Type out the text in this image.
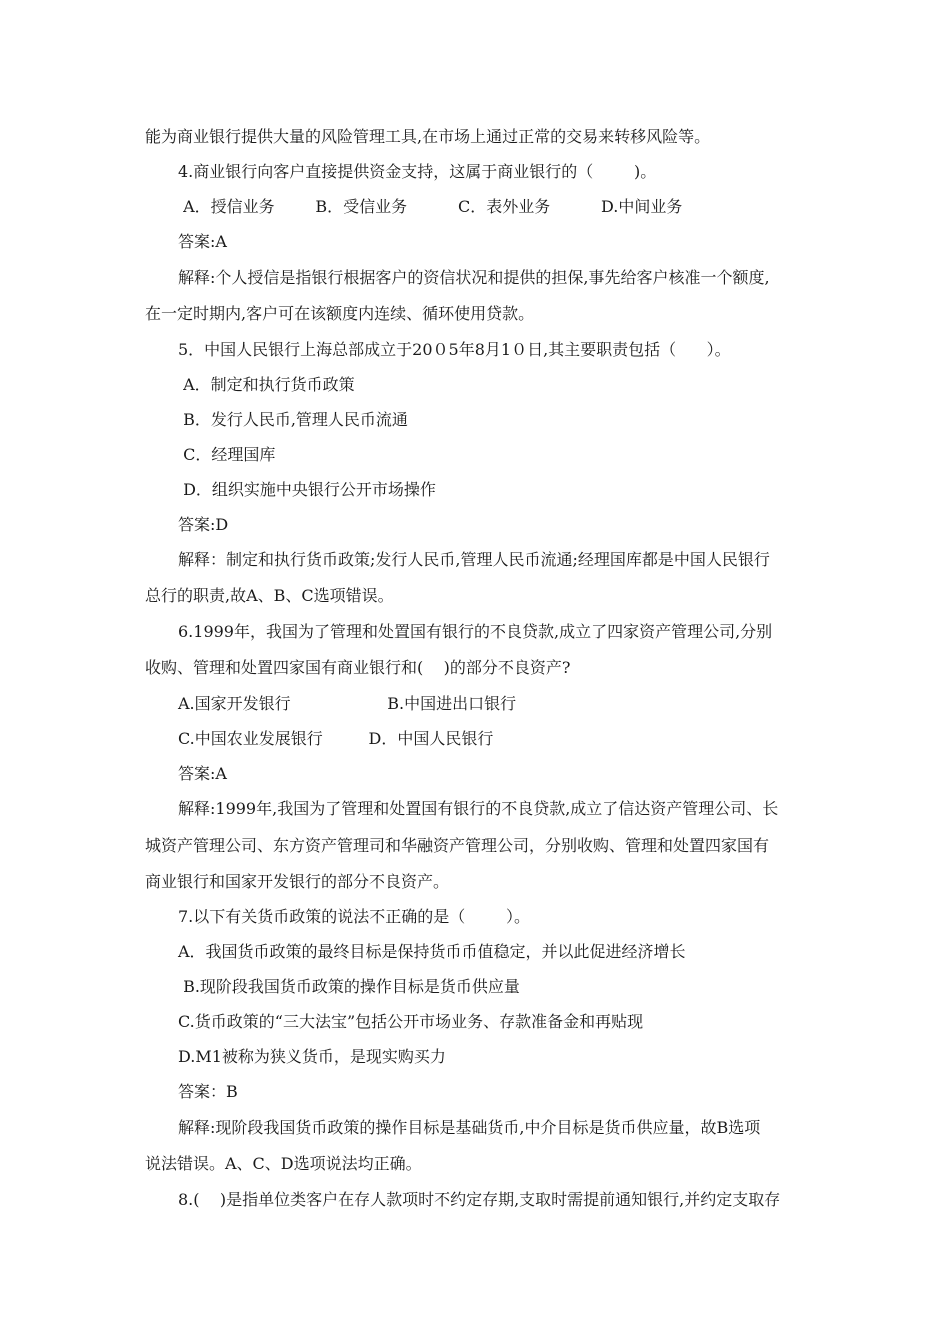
能为商业银行提供大量的风险管理工具,在市场上通过正常的交易来转移风险等。
4.商业银行向客户直接提供资金支持，这属于商业银行的（        )。
A．授信业务        B．受信业务          C．表外业务          D.中间业务
答案:A
解释:个人授信是指银行根据客户的资信状况和提供的担保,事先给客户核准一个额度,
在一定时期内,客户可在该额度内连续、循环使用贷款。
5．中国人民银行上海总部成立于20０5年8月1０日,其主要职责包括（      ）。
A．制定和执行货币政策
B．发行人民币,管理人民币流通
C．经理国库
D．组织实施中央银行公开市场操作
答案:D
解释：制定和执行货币政策;发行人民币,管理人民币流通;经理国库都是中国人民银行
总行的职责,故A、B、C选项错误。
6.1999年，我国为了管理和处置国有银行的不良贷款,成立了四家资产管理公司,分别
收购、管理和处置四家国有商业银行和(    )的部分不良资产?
A.国家开发银行                   B.中国进出口银行
C.中国农业发展银行         D．中国人民银行
答案:A
解释:1999年,我国为了管理和处置国有银行的不良贷款,成立了信达资产管理公司、长
城资产管理公司、东方资产管理司和华融资产管理公司，分别收购、管理和处置四家国有
商业银行和国家开发银行的部分不良资产。
7.以下有关货币政策的说法不正确的是（        ）。
A．我国货币政策的最终目标是保持货币币值稳定，并以此促进经济增长
B.现阶段我国货币政策的操作目标是货币供应量
C.货币政策的“三大法宝”包括公开市场业务、存款准备金和再贴现
D.M1被称为狭义货币，是现实购买力
答案：B
解释:现阶段我国货币政策的操作目标是基础货币,中介目标是货币供应量，故B选项
说法错误。A、C、D选项说法均正确。
8.(    )是指单位类客户在存人款项时不约定存期,支取时需提前通知银行,并约定支取存
